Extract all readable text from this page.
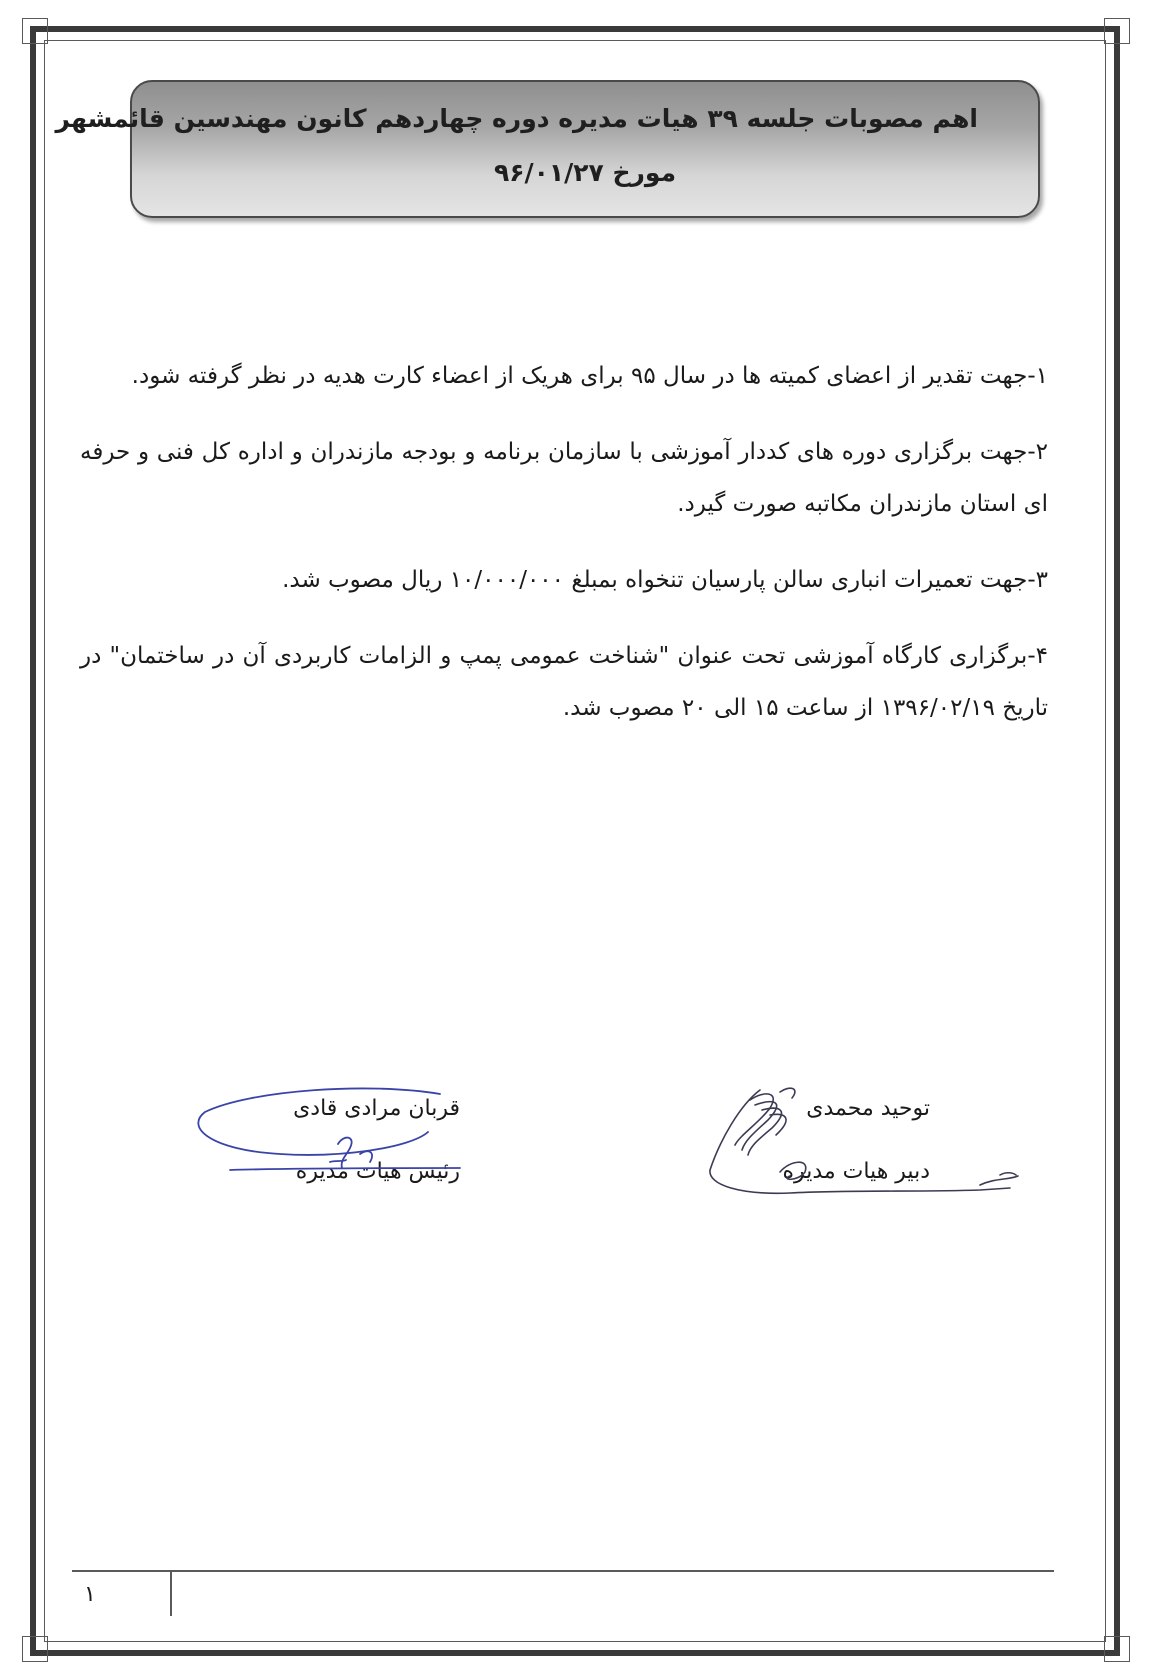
اهم مصوبات جلسه ۳۹ هیات مدیره دوره چهاردهم کانون مهندسین قائمشهر
مورخ ۹۶/۰۱/۲۷

۱-جهت تقدیر از اعضای کمیته ها در سال ۹۵ برای هریک از اعضاء کارت هدیه در نظر گرفته شود.

۲-جهت برگزاری دوره های کددار آموزشی با سازمان برنامه و بودجه مازندران و اداره کل فنی و حرفه ای استان مازندران مکاتبه صورت گیرد.

۳-جهت تعمیرات انباری سالن پارسیان تنخواه بمبلغ ۱۰/۰۰۰/۰۰۰ ریال مصوب شد.

۴-برگزاری کارگاه آموزشی تحت عنوان "شناخت عمومی پمپ و الزامات کاربردی آن در ساختمان" در تاریخ ۱۳۹۶/۰۲/۱۹ از ساعت ۱۵ الی ۲۰ مصوب شد.

توحید محمدی
دبیر هیات مدیره
قربان مرادی قادی
رئیس هیات مدیره
۱
